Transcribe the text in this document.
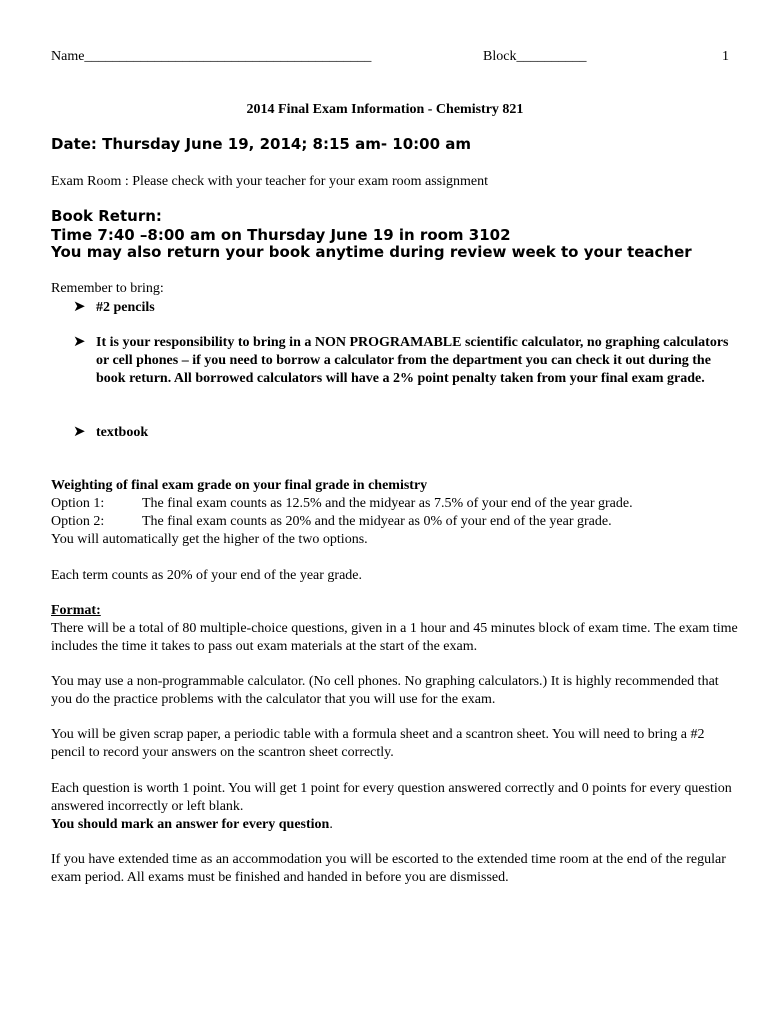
Name_________________________________________	Block__________	1
2014 Final Exam Information - Chemistry 821
Date: Thursday June 19, 2014; 8:15 am- 10:00 am
Exam Room : Please check with your teacher for your exam room assignment
Book Return:
Time 7:40 –8:00 am on Thursday June 19 in room 3102
You may also return your book anytime during review week to your teacher
Remember to bring:
➤ #2 pencils
➤ It is your responsibility to bring in a NON PROGRAMABLE scientific calculator, no graphing calculators or cell phones – if you need to borrow a calculator from the department you can check it out during the book return. All borrowed calculators will have a 2% point penalty taken from your final exam grade.
➤ textbook
Weighting of final exam grade on your final grade in chemistry
Option 1:	The final exam counts as 12.5% and the midyear as 7.5% of your end of the year grade.
Option 2:	The final exam counts as 20% and the midyear as 0% of your end of the year grade.
You will automatically get the higher of the two options.
Each term counts as 20% of your end of the year grade.
Format:
There will be a total of 80 multiple-choice questions, given in a 1 hour and 45 minutes block of exam time. The exam time includes the time it takes to pass out exam materials at the start of the exam.
You may use a non-programmable calculator. (No cell phones. No graphing calculators.) It is highly recommended that you do the practice problems with the calculator that you will use for the exam.
You will be given scrap paper, a periodic table with a formula sheet and a scantron sheet. You will need to bring a #2 pencil to record your answers on the scantron sheet correctly.
Each question is worth 1 point. You will get 1 point for every question answered correctly and 0 points for every question answered incorrectly or left blank.
You should mark an answer for every question.
If you have extended time as an accommodation you will be escorted to the extended time room at the end of the regular exam period. All exams must be finished and handed in before you are dismissed.
